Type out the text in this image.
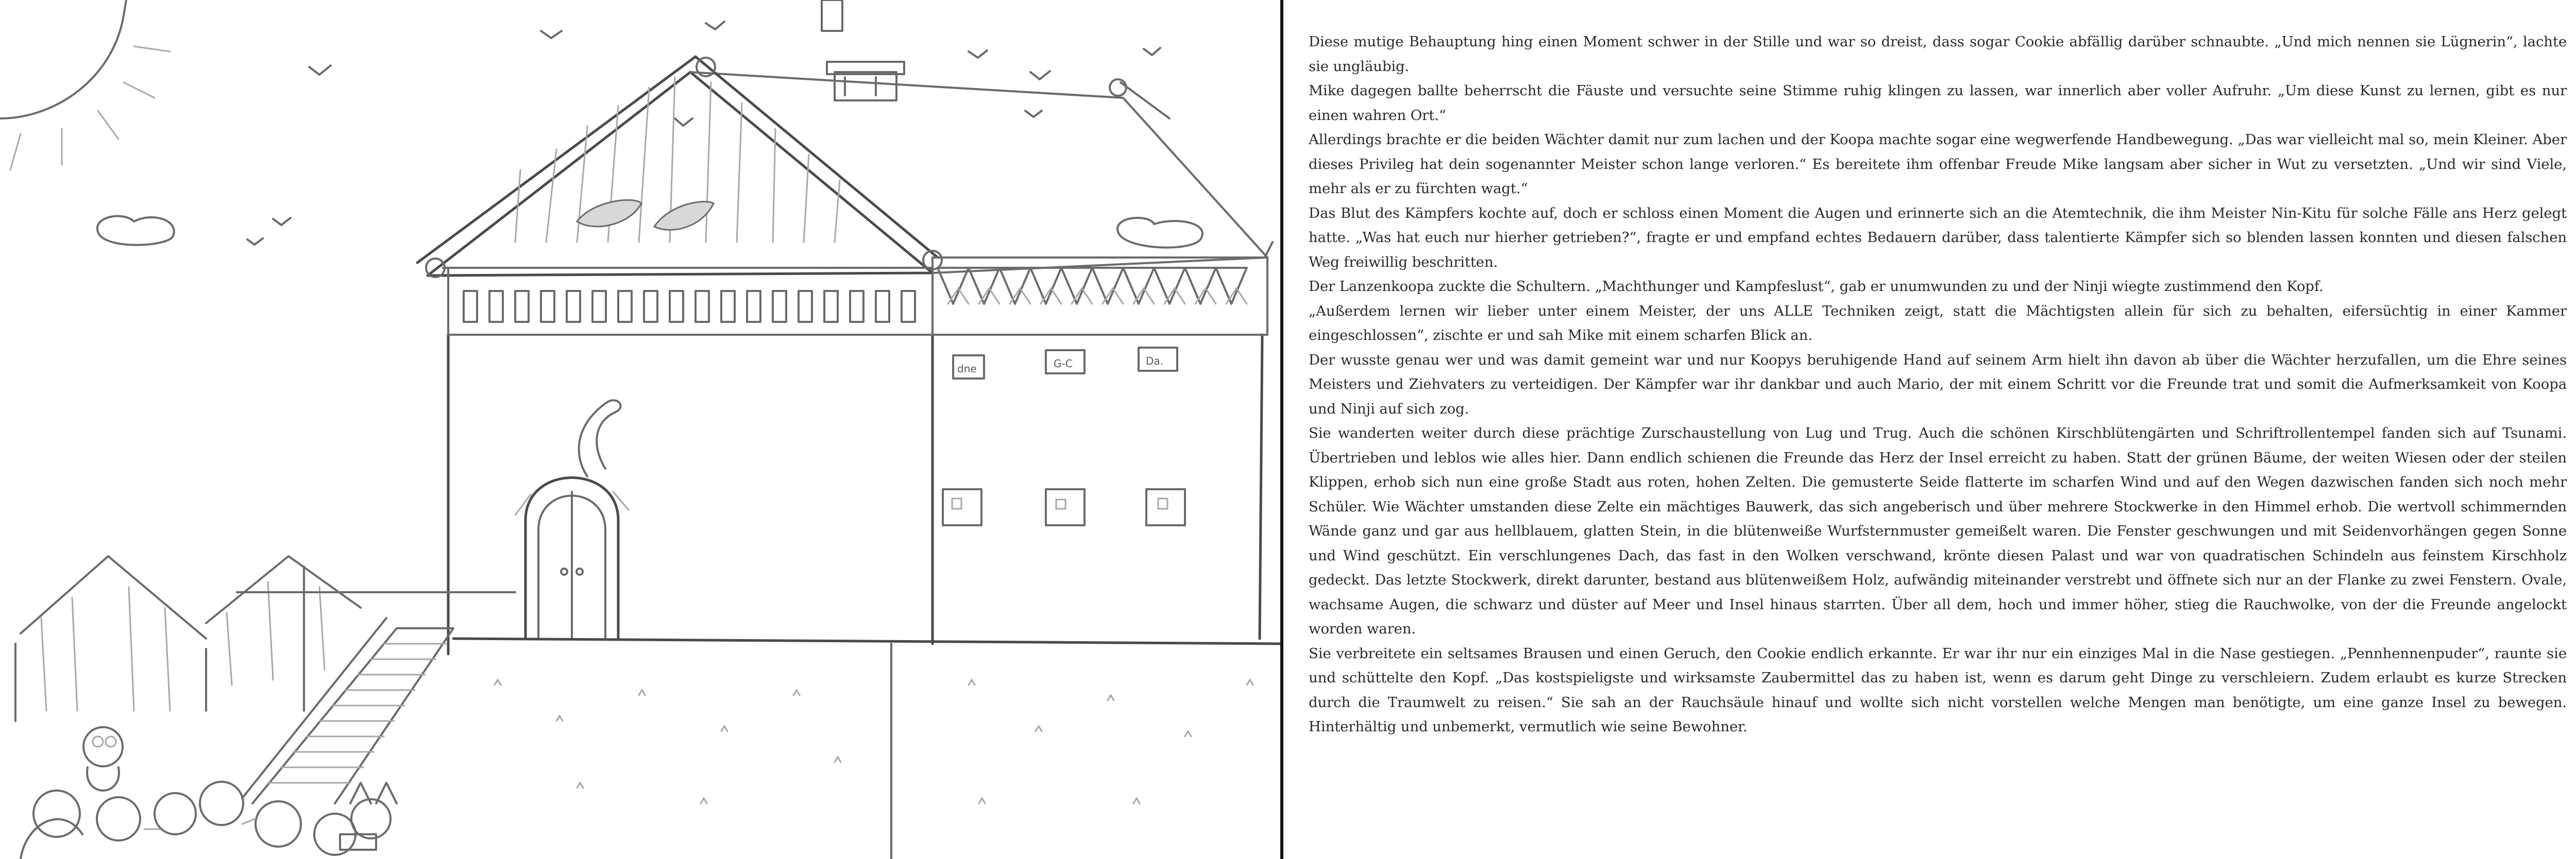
dne	G-C	Da.

Diese mutige Behauptung hing einen Moment schwer in der Stille und war so dreist, dass sogar Cookie abfällig darüber schnaubte. „Und mich nennen sie Lügnerin“, lachte sie ungläubig.

Mike dagegen ballte beherrscht die Fäuste und versuchte seine Stimme ruhig klingen zu lassen, war innerlich aber voller Aufruhr. „Um diese Kunst zu lernen, gibt es nur einen wahren Ort.“

Allerdings brachte er die beiden Wächter damit nur zum lachen und der Koopa machte sogar eine wegwerfende Handbewegung. „Das war vielleicht mal so, mein Kleiner. Aber dieses Privileg hat dein sogenannter Meister schon lange verloren.“ Es bereitete ihm offenbar Freude Mike langsam aber sicher in Wut zu versetzten. „Und wir sind Viele, mehr als er zu fürchten wagt.“

Das Blut des Kämpfers kochte auf, doch er schloss einen Moment die Augen und erinnerte sich an die Atemtechnik, die ihm Meister Nin-Kitu für solche Fälle ans Herz gelegt hatte. „Was hat euch nur hierher getrieben?“, fragte er und empfand echtes Bedauern darüber, dass talentierte Kämpfer sich so blenden lassen konnten und diesen falschen Weg freiwillig beschritten.

Der Lanzenkoopa zuckte die Schultern. „Machthunger und Kampfeslust“, gab er unumwunden zu und der Ninji wiegte zustimmend den Kopf.

„Außerdem lernen wir lieber unter einem Meister, der uns ALLE Techniken zeigt, statt die Mächtigsten allein für sich zu behalten, eifersüchtig in einer Kammer eingeschlossen“, zischte er und sah Mike mit einem scharfen Blick an.

Der wusste genau wer und was damit gemeint war und nur Koopys beruhigende Hand auf seinem Arm hielt ihn davon ab über die Wächter herzufallen, um die Ehre seines Meisters und Ziehvaters zu verteidigen. Der Kämpfer war ihr dankbar und auch Mario, der mit einem Schritt vor die Freunde trat und somit die Aufmerksamkeit von Koopa und Ninji auf sich zog.

Sie wanderten weiter durch diese prächtige Zurschaustellung von Lug und Trug. Auch die schönen Kirschblütengärten und Schriftrollentempel fanden sich auf Tsunami. Übertrieben und leblos wie alles hier. Dann endlich schienen die Freunde das Herz der Insel erreicht zu haben. Statt der grünen Bäume, der weiten Wiesen oder der steilen Klippen, erhob sich nun eine große Stadt aus roten, hohen Zelten. Die gemusterte Seide flatterte im scharfen Wind und auf den Wegen dazwischen fanden sich noch mehr Schüler. Wie Wächter umstanden diese Zelte ein mächtiges Bauwerk, das sich angeberisch und über mehrere Stockwerke in den Himmel erhob. Die wertvoll schimmernden Wände ganz und gar aus hellblauem, glatten Stein, in die blütenweiße Wurfsternmuster gemeißelt waren. Die Fenster geschwungen und mit Seidenvorhängen gegen Sonne und Wind geschützt. Ein verschlungenes Dach, das fast in den Wolken verschwand, krönte diesen Palast und war von quadratischen Schindeln aus feinstem Kirschholz gedeckt. Das letzte Stockwerk, direkt darunter, bestand aus blütenweißem Holz, aufwändig miteinander verstrebt und öffnete sich nur an der Flanke zu zwei Fenstern. Ovale, wachsame Augen, die schwarz und düster auf Meer und Insel hinaus starrten. Über all dem, hoch und immer höher, stieg die Rauchwolke, von der die Freunde angelockt worden waren.

Sie verbreitete ein seltsames Brausen und einen Geruch, den Cookie endlich erkannte. Er war ihr nur ein einziges Mal in die Nase gestiegen. „Pennhennenpuder“, raunte sie und schüttelte den Kopf. „Das kostspieligste und wirksamste Zaubermittel das zu haben ist, wenn es darum geht Dinge zu verschleiern. Zudem erlaubt es kurze Strecken durch die Traumwelt zu reisen.“ Sie sah an der Rauchsäule hinauf und wollte sich nicht vorstellen welche Mengen man benötigte, um eine ganze Insel zu bewegen. Hinterhältig und unbemerkt, vermutlich wie seine Bewohner.
